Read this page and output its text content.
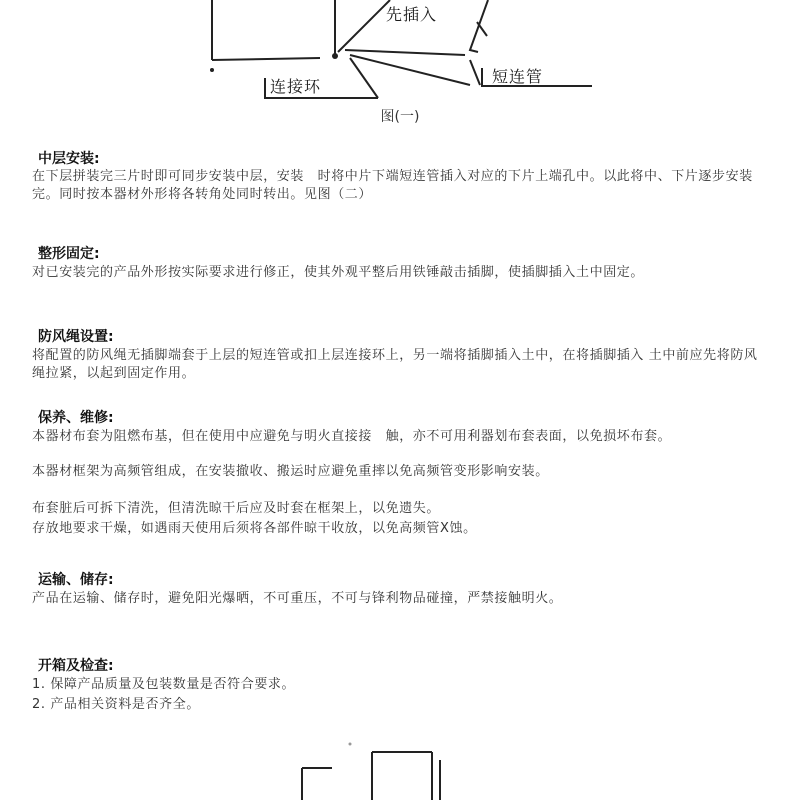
先插入
连接环
短连管
图(一)
中层安装:

在下层拼装完三片时即可同步安装中层，安装　时将中片下端短连管插入对应的下片上端孔中。以此将中、下片逐步安装完。同时按本器材外形将各转角处同时转出。见图（二）

整形固定:

对已安装完的产品外形按实际要求进行修正，使其外观平整后用铁锤敲击插脚，使插脚插入土中固定。

防风绳设置:

将配置的防风绳无插脚端套于上层的短连管或扣上层连接环上，另一端将插脚插入土中，在将插脚插入 土中前应先将防风绳拉紧，以起到固定作用。

保养、维修:

本器材布套为阻燃布基，但在使用中应避免与明火直接接　触，亦不可用利器划布套表面，以免损坏布套。

本器材框架为高频管组成，在安装撤收、搬运时应避免重摔以免高频管变形影响安装。

布套脏后可拆下清洗，但清洗晾干后应及时套在框架上，以免遗失。

存放地要求干燥，如遇雨天使用后须将各部件晾干收放，以免高频管X蚀。

运输、储存:

产品在运输、储存时，避免阳光爆晒，不可重压，不可与锋利物品碰撞，严禁接触明火。

开箱及检查:

1. 保障产品质量及包装数量是否符合要求。

2. 产品相关资料是否齐全。
